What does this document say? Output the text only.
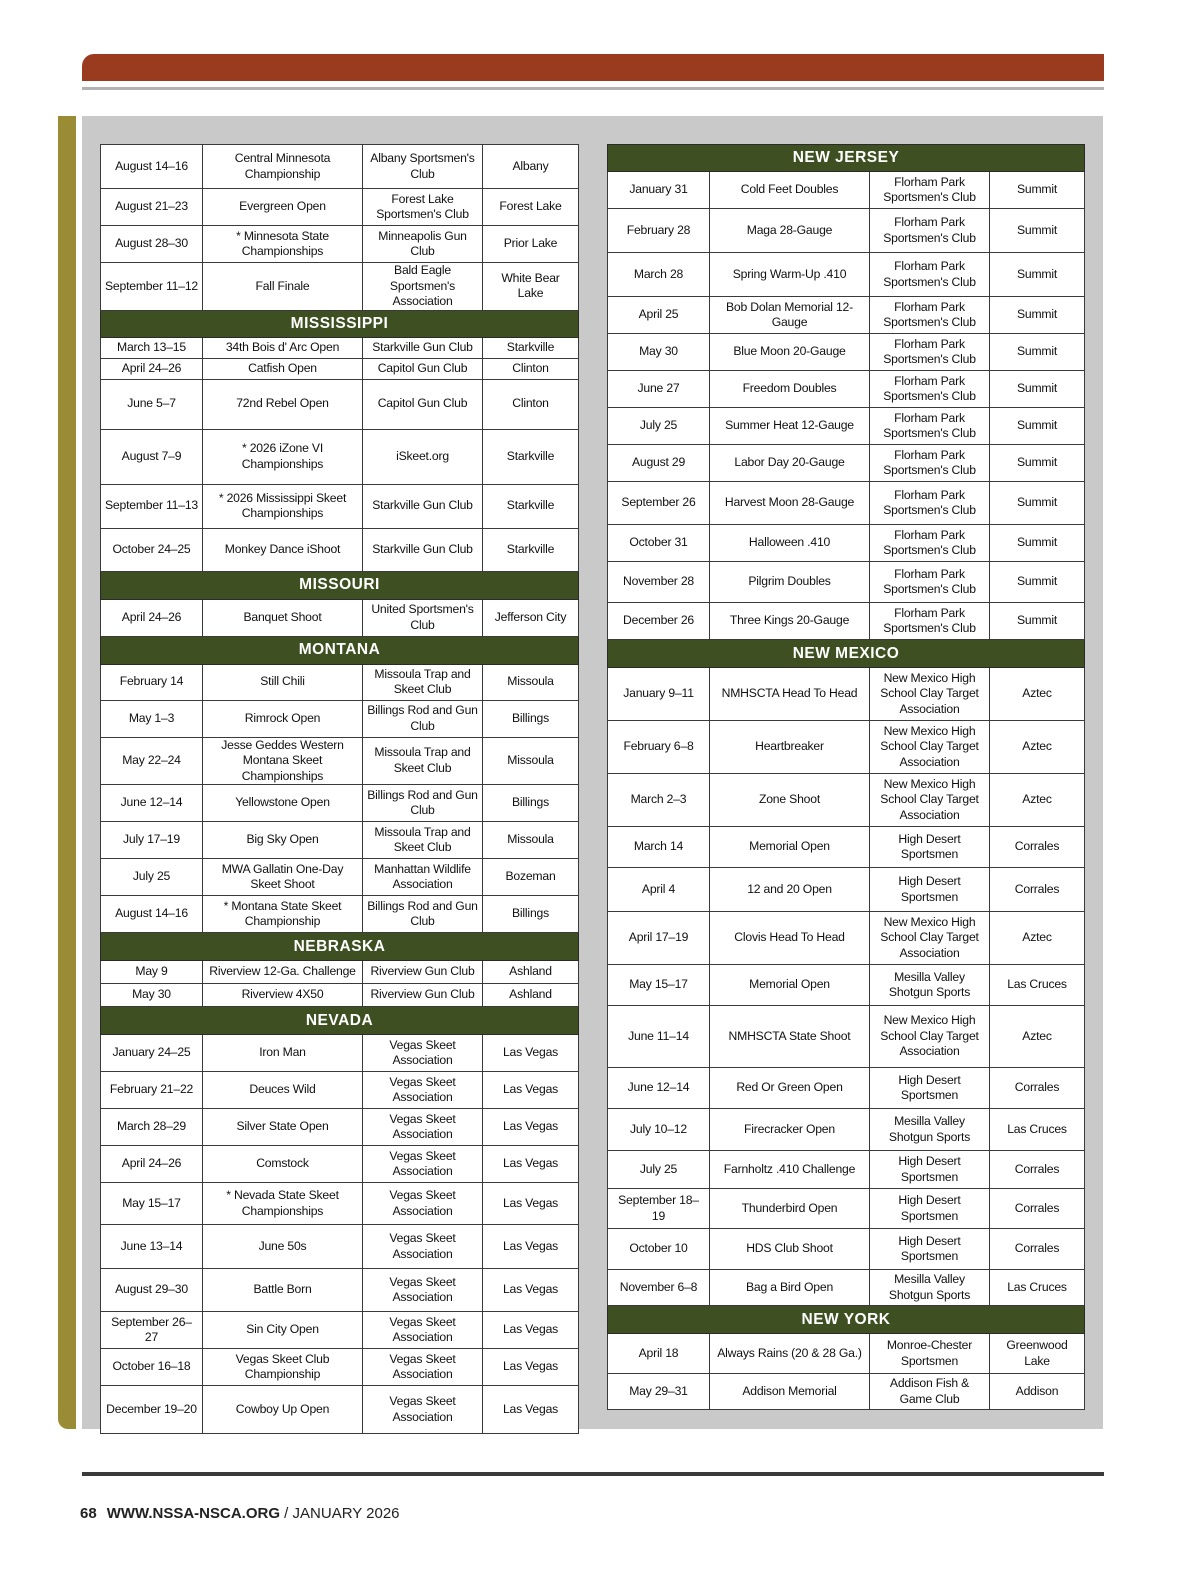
August 14–16	Central Minnesota Championship	Albany Sportsmen's Club	Albany
August 21–23	Evergreen Open	Forest Lake Sportsmen's Club	Forest Lake
August 28–30	* Minnesota State Championships	Minneapolis Gun Club	Prior Lake
September 11–12	Fall Finale	Bald Eagle Sportsmen's Association	White Bear Lake
MISSISSIPPI			
March 13–15	34th Bois d' Arc Open	Starkville Gun Club	Starkville
April 24–26	Catfish Open	Capitol Gun Club	Clinton
June 5–7	72nd Rebel Open	Capitol Gun Club	Clinton
August 7–9	* 2026 iZone VI Championships	iSkeet.org	Starkville
September 11–13	* 2026 Mississippi Skeet Championships	Starkville Gun Club	Starkville
October 24–25	Monkey Dance iShoot	Starkville Gun Club	Starkville
MISSOURI			
April 24–26	Banquet Shoot	United Sportsmen's Club	Jefferson City
MONTANA			
February 14	Still Chili	Missoula Trap and Skeet Club	Missoula
May 1–3	Rimrock Open	Billings Rod and Gun Club	Billings
May 22–24	Jesse Geddes Western Montana Skeet Championships	Missoula Trap and Skeet Club	Missoula
June 12–14	Yellowstone Open	Billings Rod and Gun Club	Billings
July 17–19	Big Sky Open	Missoula Trap and Skeet Club	Missoula
July 25	MWA Gallatin One-Day Skeet Shoot	Manhattan Wildlife Association	Bozeman
August 14–16	* Montana State Skeet Championship	Billings Rod and Gun Club	Billings
NEBRASKA			
May 9	Riverview 12-Ga. Challenge	Riverview Gun Club	Ashland
May 30	Riverview 4X50	Riverview Gun Club	Ashland
NEVADA			
January 24–25	Iron Man	Vegas Skeet Association	Las Vegas
February 21–22	Deuces Wild	Vegas Skeet Association	Las Vegas
March 28–29	Silver State Open	Vegas Skeet Association	Las Vegas
April 24–26	Comstock	Vegas Skeet Association	Las Vegas
May 15–17	* Nevada State Skeet Championships	Vegas Skeet Association	Las Vegas
June 13–14	June 50s	Vegas Skeet Association	Las Vegas
August 29–30	Battle Born	Vegas Skeet Association	Las Vegas
September 26–27	Sin City Open	Vegas Skeet Association	Las Vegas
October 16–18	Vegas Skeet Club Championship	Vegas Skeet Association	Las Vegas
December 19–20	Cowboy Up Open	Vegas Skeet Association	Las Vegas
NEW JERSEY			
January 31	Cold Feet Doubles	Florham Park Sportsmen's Club	Summit
February 28	Maga 28-Gauge	Florham Park Sportsmen's Club	Summit
March 28	Spring Warm-Up .410	Florham Park Sportsmen's Club	Summit
April 25	Bob Dolan Memorial 12-Gauge	Florham Park Sportsmen's Club	Summit
May 30	Blue Moon 20-Gauge	Florham Park Sportsmen's Club	Summit
June 27	Freedom Doubles	Florham Park Sportsmen's Club	Summit
July 25	Summer Heat 12-Gauge	Florham Park Sportsmen's Club	Summit
August 29	Labor Day 20-Gauge	Florham Park Sportsmen's Club	Summit
September 26	Harvest Moon 28-Gauge	Florham Park Sportsmen's Club	Summit
October 31	Halloween .410	Florham Park Sportsmen's Club	Summit
November 28	Pilgrim Doubles	Florham Park Sportsmen's Club	Summit
December 26	Three Kings 20-Gauge	Florham Park Sportsmen's Club	Summit
NEW MEXICO			
January 9–11	NMHSCTA Head To Head	New Mexico High School Clay Target Association	Aztec
February 6–8	Heartbreaker	New Mexico High School Clay Target Association	Aztec
March 2–3	Zone Shoot	New Mexico High School Clay Target Association	Aztec
March 14	Memorial Open	High Desert Sportsmen	Corrales
April 4	12 and 20 Open	High Desert Sportsmen	Corrales
April 17–19	Clovis Head To Head	New Mexico High School Clay Target Association	Aztec
May 15–17	Memorial Open	Mesilla Valley Shotgun Sports	Las Cruces
June 11–14	NMHSCTA State Shoot	New Mexico High School Clay Target Association	Aztec
June 12–14	Red Or Green Open	High Desert Sportsmen	Corrales
July 10–12	Firecracker Open	Mesilla Valley Shotgun Sports	Las Cruces
July 25	Farnholtz .410 Challenge	High Desert Sportsmen	Corrales
September 18–19	Thunderbird Open	High Desert Sportsmen	Corrales
October 10	HDS Club Shoot	High Desert Sportsmen	Corrales
November 6–8	Bag a Bird Open	Mesilla Valley Shotgun Sports	Las Cruces
NEW YORK			
April 18	Always Rains (20 & 28 Ga.)	Monroe-Chester Sportsmen	Greenwood Lake
May 29–31	Addison Memorial	Addison Fish & Game Club	Addison
68 WWW.NSSA-NSCA.ORG / JANUARY 2026
